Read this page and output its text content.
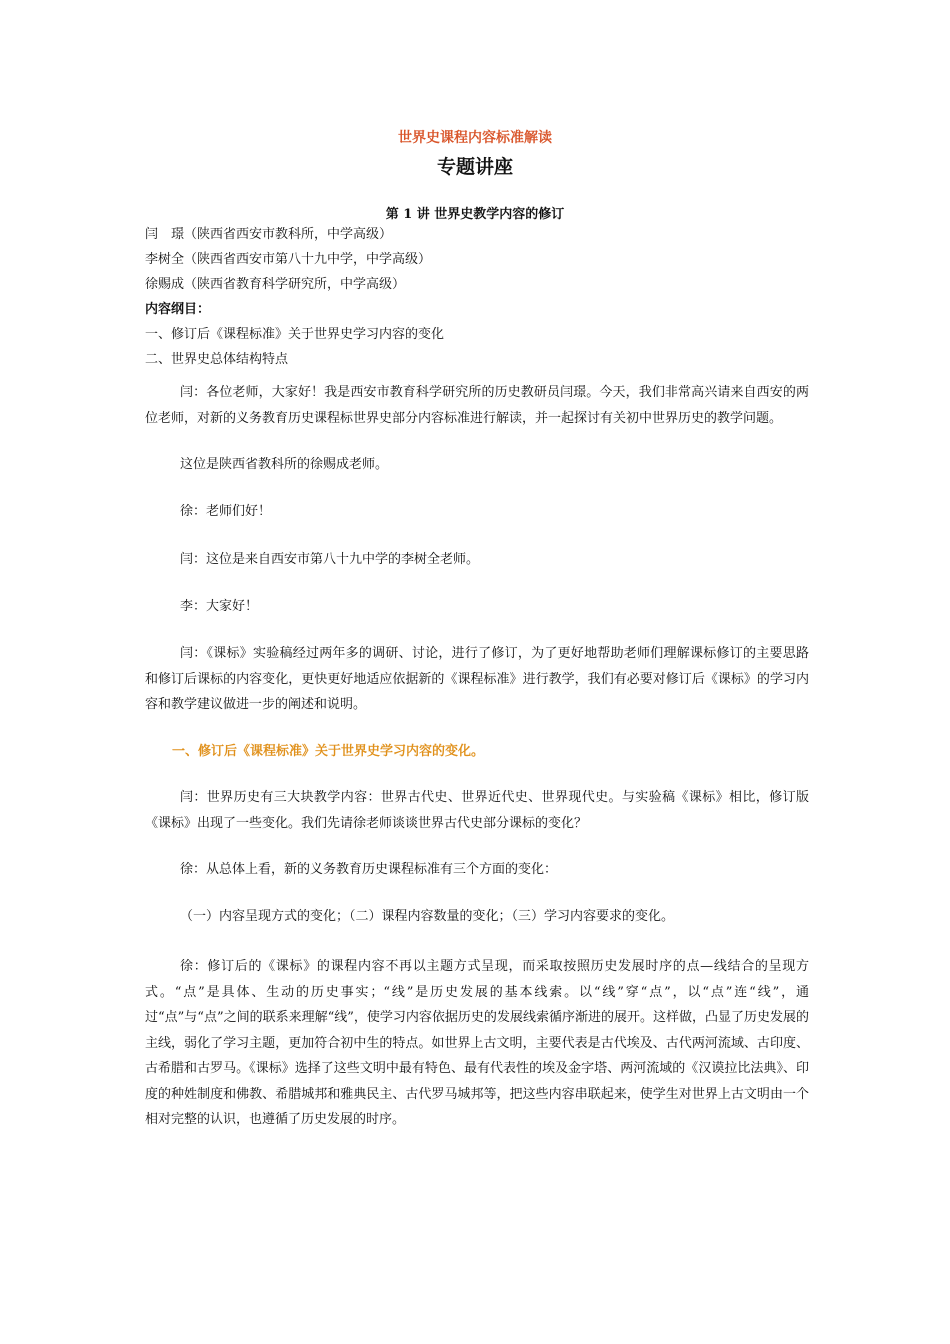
世界史课程内容标准解读
专题讲座
第 1 讲 世界史教学内容的修订
闫　璟（陕西省西安市教科所，中学高级）
李树全（陕西省西安市第八十九中学，中学高级）
徐赐成（陕西省教育科学研究所，中学高级）
内容纲目：
一、修订后《课程标准》关于世界史学习内容的变化
二、世界史总体结构特点
闫：各位老师，大家好！我是西安市教育科学研究所的历史教研员闫璟。今天，我们非常高兴请来自西安的两位老师，对新的义务教育历史课程标世界史部分内容标准进行解读，并一起探讨有关初中世界历史的教学问题。
这位是陕西省教科所的徐赐成老师。
徐：老师们好！
闫：这位是来自西安市第八十九中学的李树全老师。
李：大家好！
闫：《课标》实验稿经过两年多的调研、讨论，进行了修订，为了更好地帮助老师们理解课标修订的主要思路和修订后课标的内容变化，更快更好地适应依据新的《课程标准》进行教学，我们有必要对修订后《课标》的学习内容和教学建议做进一步的阐述和说明。
一、修订后《课程标准》关于世界史学习内容的变化。
闫：世界历史有三大块教学内容：世界古代史、世界近代史、世界现代史。与实验稿《课标》相比，修订版《课标》出现了一些变化。我们先请徐老师谈谈世界古代史部分课标的变化？
徐：从总体上看，新的义务教育历史课程标准有三个方面的变化：
（一）内容呈现方式的变化；（二）课程内容数量的变化；（三）学习内容要求的变化。
徐：修订后的《课标》的课程内容不再以主题方式呈现，而采取按照历史发展时序的点—线结合的呈现方式。“点”是具体、生动的历史事实；“线”是历史发展的基本线索。以“线”穿“点”，以“点”连“线”，通过“点”与“点”之间的联系来理解“线”，使学习内容依据历史的发展线索循序渐进的展开。这样做，凸显了历史发展的主线，弱化了学习主题，更加符合初中生的特点。如世界上古文明，主要代表是古代埃及、古代两河流域、古印度、古希腊和古罗马。《课标》选择了这些文明中最有特色、最有代表性的埃及金字塔、两河流域的《汉谟拉比法典》、印度的种姓制度和佛教、希腊城邦和雅典民主、古代罗马城邦等，把这些内容串联起来，使学生对世界上古文明由一个相对完整的认识，也遵循了历史发展的时序。
